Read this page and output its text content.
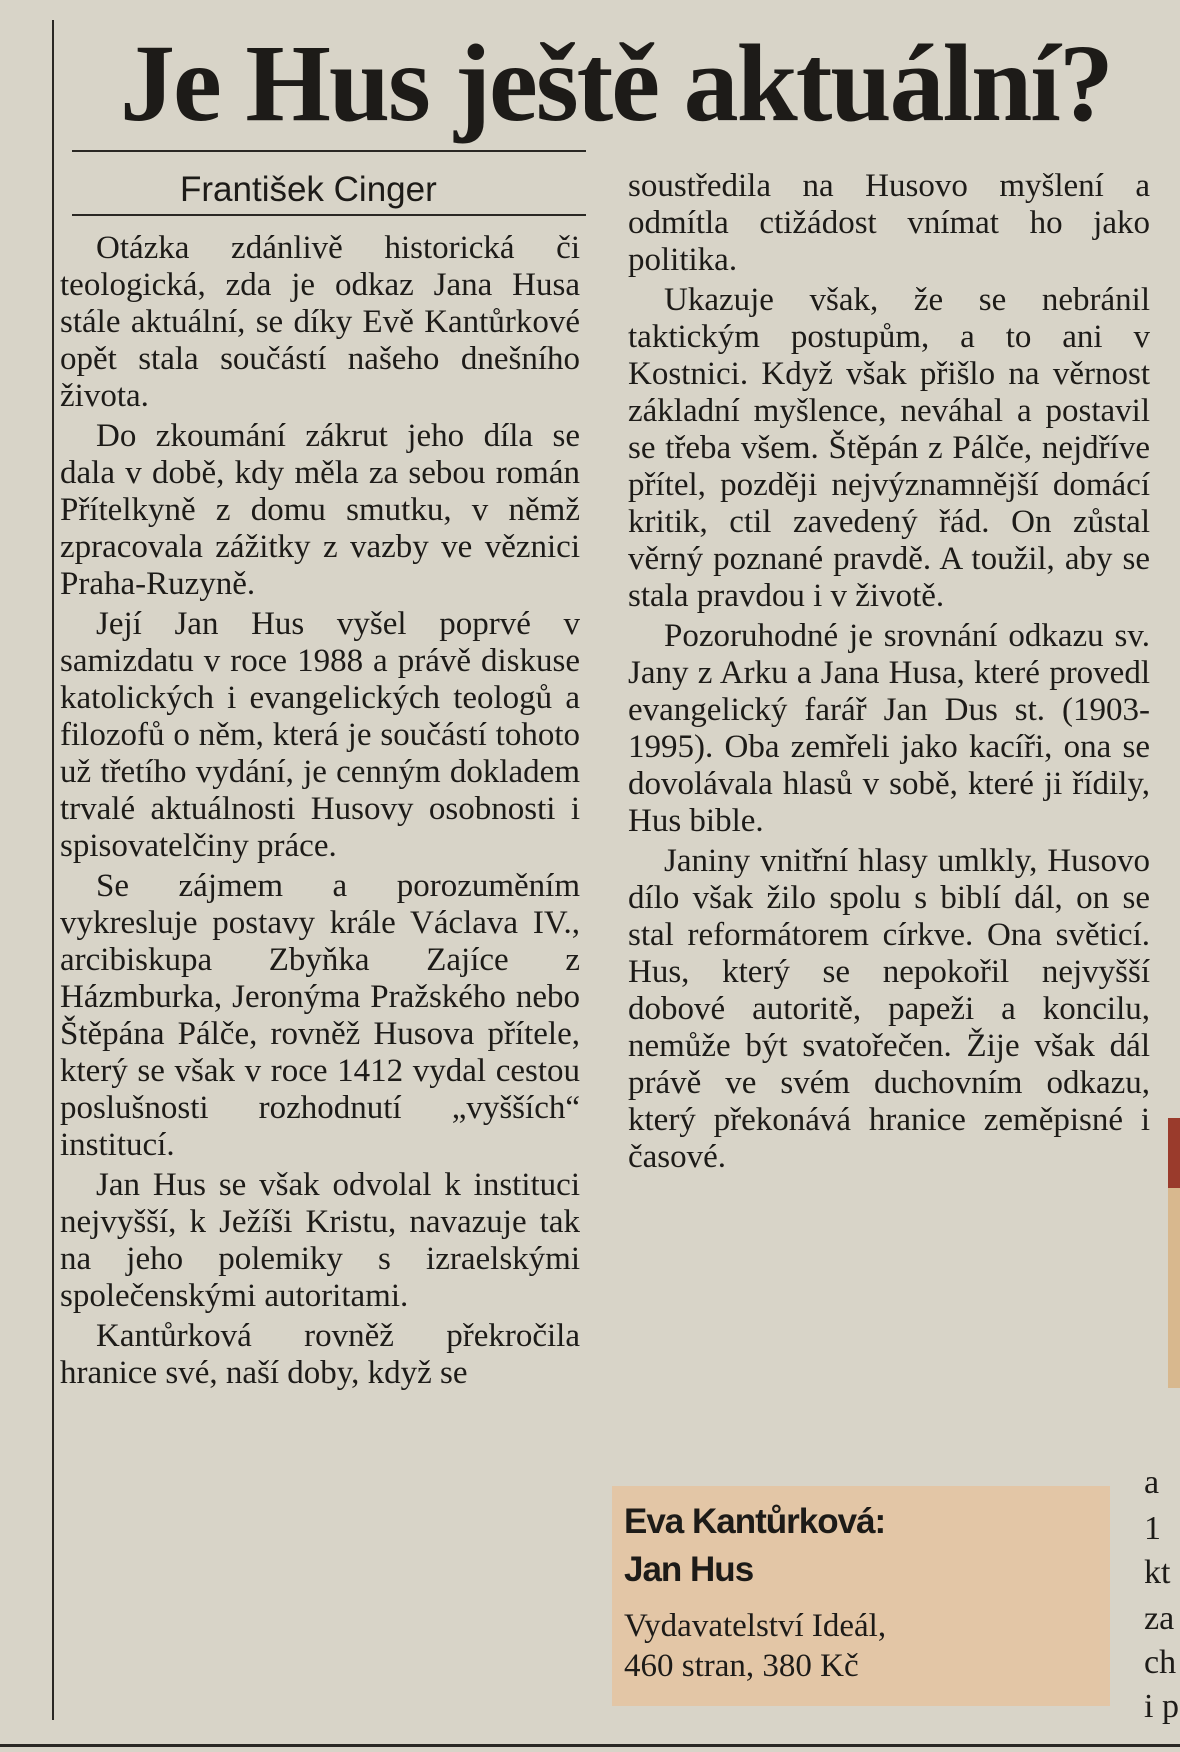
Je Hus ještě aktuální?

František Cinger

Otázka zdánlivě historická či teologická, zda je odkaz Jana Husa stále aktuální, se díky Evě Kantůrkové opět stala součástí našeho dnešního života.

Do zkoumání zákrut jeho díla se dala v době, kdy měla za sebou román Přítelkyně z domu smutku, v němž zpracovala zážitky z vazby ve věznici Praha-Ruzyně.

Její Jan Hus vyšel poprvé v samizdatu v roce 1988 a právě diskuse katolických i evangelických teologů a filozofů o něm, která je součástí tohoto už třetího vydání, je cenným dokladem trvalé aktuálnosti Husovy osobnosti i spisovatelčiny práce.

Se zájmem a porozuměním vykresluje postavy krále Václava IV., arcibiskupa Zbyňka Zajíce z Házmburka, Jeronýma Pražského nebo Štěpána Pálče, rovněž Husova přítele, který se však v roce 1412 vydal cestou poslušnosti rozhodnutí „vyšších“ institucí.

Jan Hus se však odvolal k instituci nejvyšší, k Ježíši Kristu, navazuje tak na jeho polemiky s izraelskými společenskými autoritami.

Kantůrková rovněž překročila hranice své, naší doby, když se

soustředila na Husovo myšlení a odmítla ctižádost vnímat ho jako politika.

Ukazuje však, že se nebránil taktickým postupům, a to ani v Kostnici. Když však přišlo na věrnost základní myšlence, neváhal a postavil se třeba všem. Štěpán z Pálče, nejdříve přítel, později nejvýznamnější domácí kritik, ctil zavedený řád. On zůstal věrný poznané pravdě. A toužil, aby se stala pravdou i v životě.

Pozoruhodné je srovnání odkazu sv. Jany z Arku a Jana Husa, které provedl evangelický farář Jan Dus st. (1903-1995). Oba zemřeli jako kacíři, ona se dovolávala hlasů v sobě, které ji řídily, Hus bible.

Janiny vnitřní hlasy umlkly, Husovo dílo však žilo spolu s biblí dál, on se stal reformátorem církve. Ona světicí. Hus, který se nepokořil nejvyšší dobové autoritě, papeži a koncilu, nemůže být svatořečen. Žije však dál právě ve svém duchovním odkazu, který překonává hranice zeměpisné i časové.

Eva Kantůrková:

Jan Hus

Vydavatelství Ideál,

460 stran, 380 Kč

a
1
kt
za
ch
i p
